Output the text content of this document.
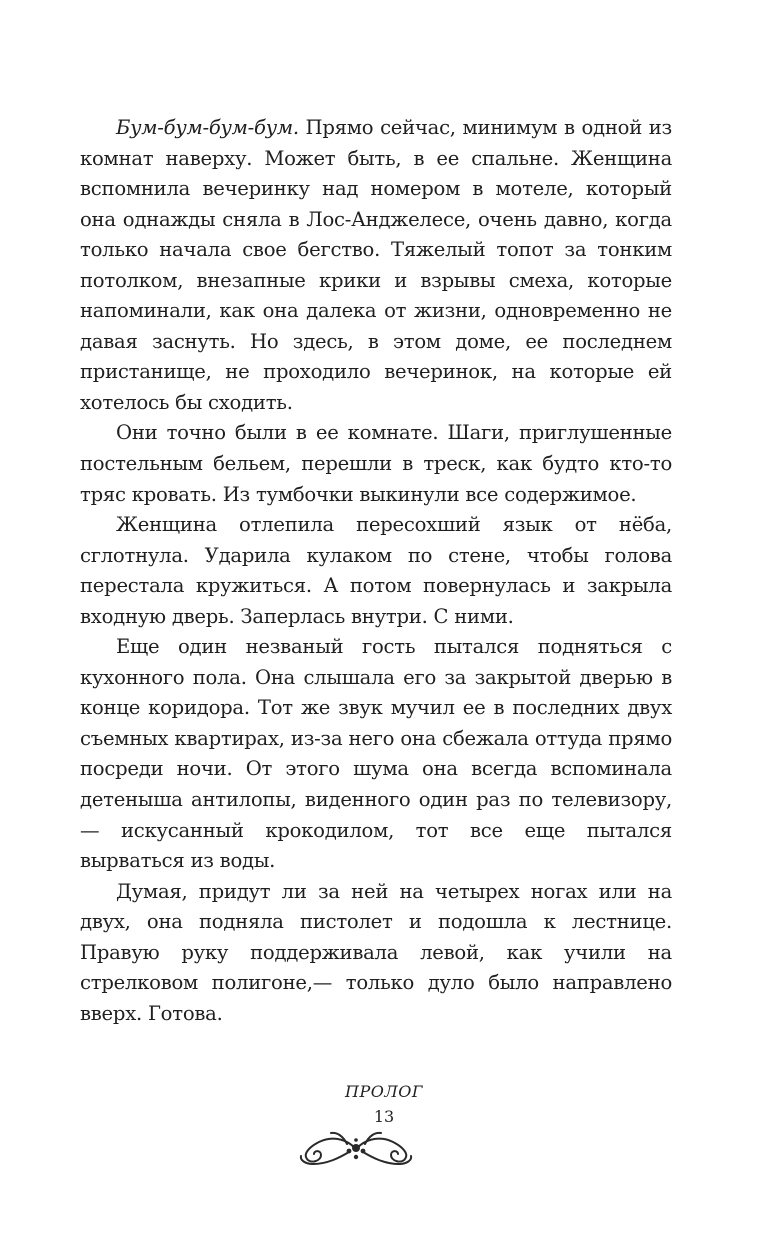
Бум-бум-бум-бум. Прямо сейчас, минимум в одной из комнат наверху. Может быть, в ее спальне. Женщина вспомнила вечеринку над номером в мотеле, который она однажды сняла в Лос-Анджелесе, очень давно, когда только начала свое бегство. Тяжелый топот за тонким потолком, внезапные крики и взрывы смеха, которые напоминали, как она далека от жизни, одновременно не давая заснуть. Но здесь, в этом доме, ее последнем пристанище, не проходило вечеринок, на которые ей хотелось бы сходить.

Они точно были в ее комнате. Шаги, приглушенные постельным бельем, перешли в треск, как будто кто-то тряс кровать. Из тумбочки выкинули все содержимое.

Женщина отлепила пересохший язык от нёба, сглотнула. Ударила кулаком по стене, чтобы голова перестала кружиться. А потом повернулась и закрыла входную дверь. Заперлась внутри. С ними.

Еще один незваный гость пытался подняться с кухонного пола. Она слышала его за закрытой дверью в конце коридора. Тот же звук мучил ее в последних двух съемных квартирах, из-за него она сбежала оттуда прямо посреди ночи. От этого шума она всегда вспоминала детеныша антилопы, виденного один раз по телевизору,— искусанный крокодилом, тот все еще пытался вырваться из воды.

Думая, придут ли за ней на четырех ногах или на двух, она подняла пистолет и подошла к лестнице. Правую руку поддерживала левой, как учили на стрелковом полигоне,— только дуло было направлено вверх. Готова.

ПРОЛОГ
13
